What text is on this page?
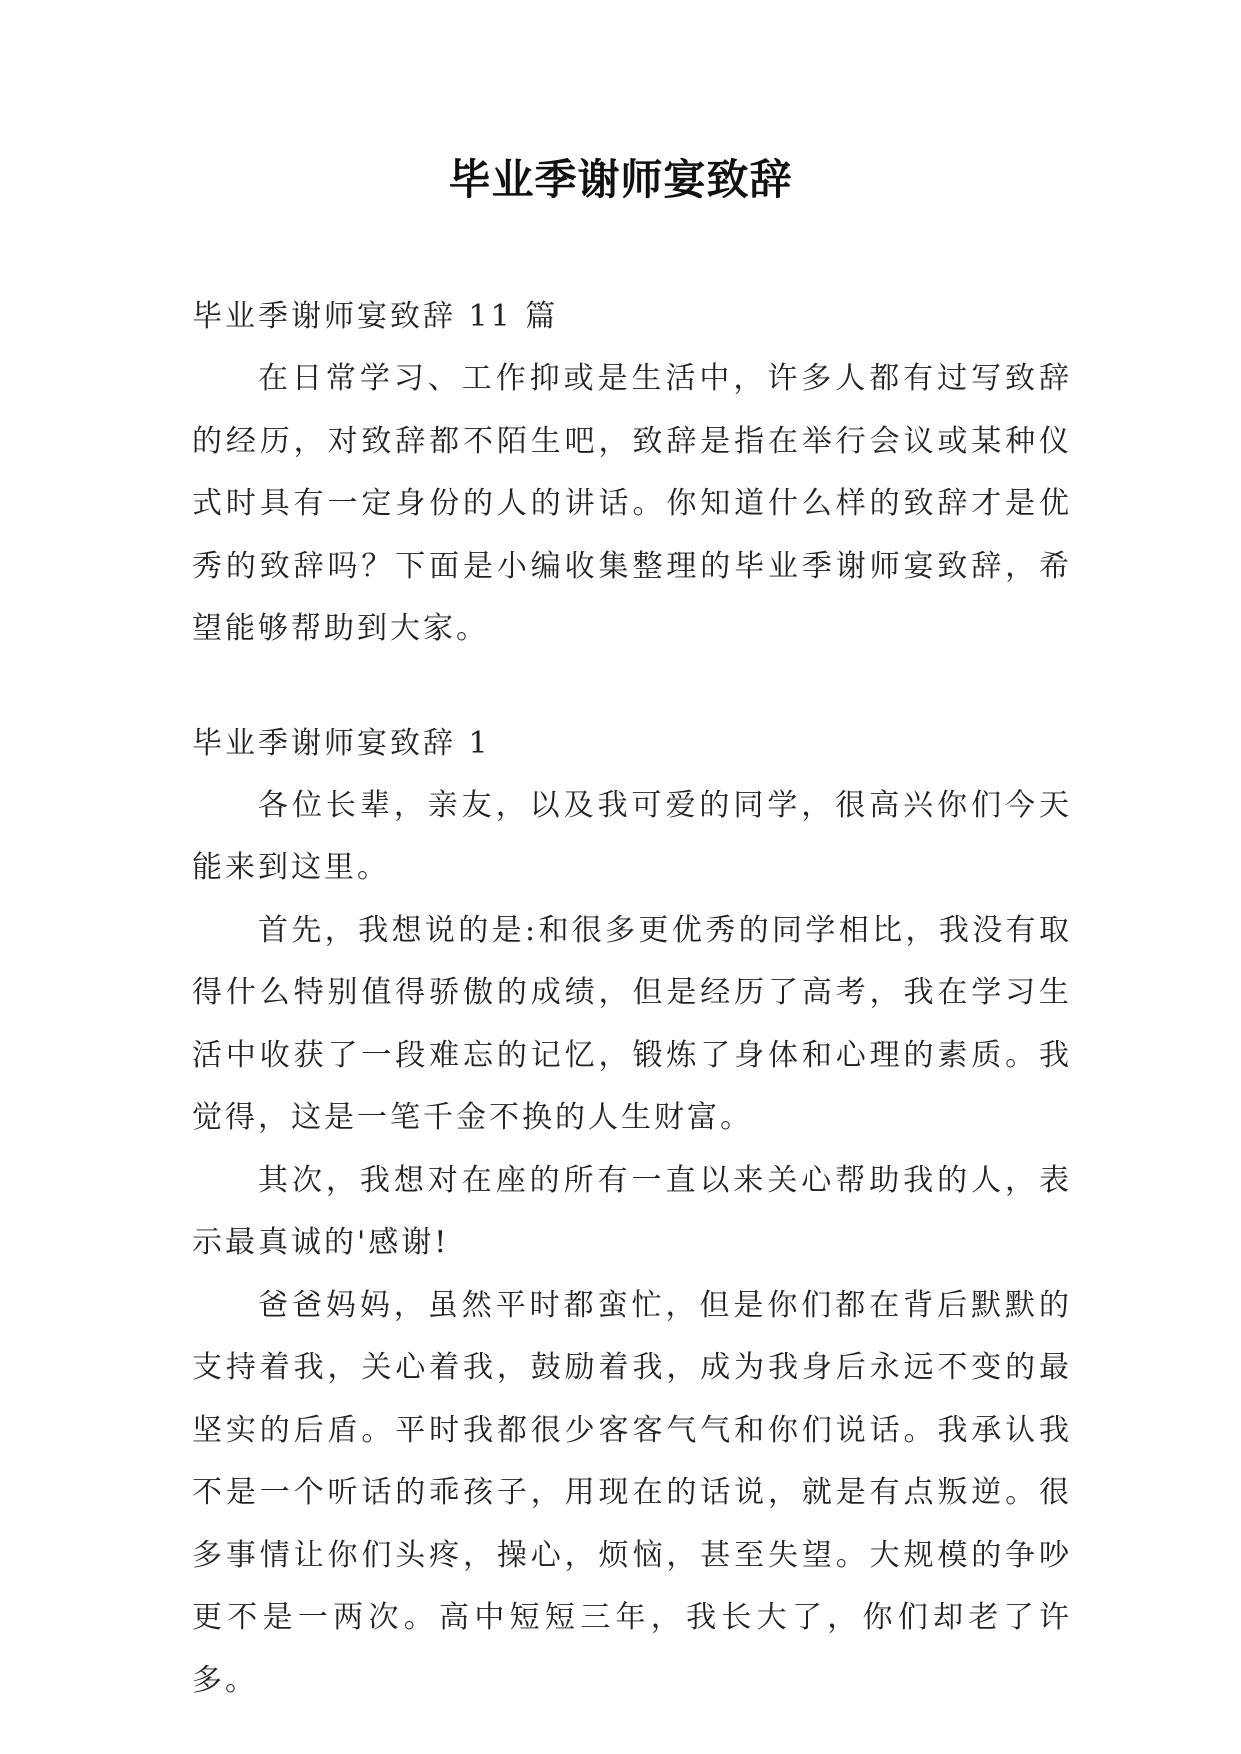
毕业季谢师宴致辞
毕业季谢师宴致辞 11 篇

在日常学习、工作抑或是生活中，许多人都有过写致辞的经历，对致辞都不陌生吧，致辞是指在举行会议或某种仪式时具有一定身份的人的讲话。你知道什么样的致辞才是优秀的致辞吗？下面是小编收集整理的毕业季谢师宴致辞，希望能够帮助到大家。

毕业季谢师宴致辞 1

各位长辈，亲友，以及我可爱的同学，很高兴你们今天能来到这里。

首先，我想说的是:和很多更优秀的同学相比，我没有取得什么特别值得骄傲的成绩，但是经历了高考，我在学习生活中收获了一段难忘的记忆，锻炼了身体和心理的素质。我觉得，这是一笔千金不换的人生财富。

其次，我想对在座的所有一直以来关心帮助我的人，表示最真诚的'感谢!

爸爸妈妈，虽然平时都蛮忙，但是你们都在背后默默的支持着我，关心着我，鼓励着我，成为我身后永远不变的最坚实的后盾。平时我都很少客客气气和你们说话。我承认我不是一个听话的乖孩子，用现在的话说，就是有点叛逆。很多事情让你们头疼，操心，烦恼，甚至失望。大规模的争吵更不是一两次。高中短短三年，我长大了，你们却老了许多。
